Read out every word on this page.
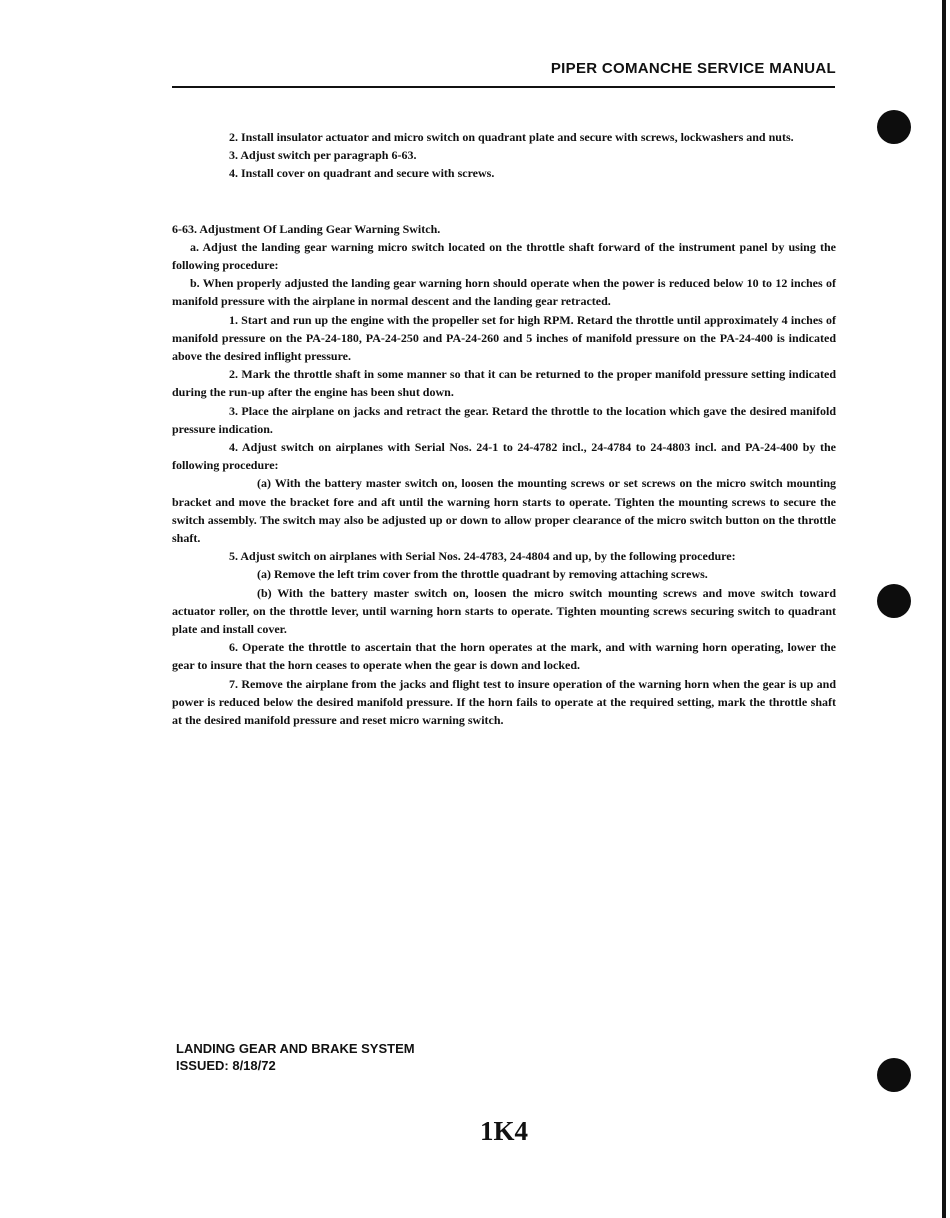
PIPER COMANCHE SERVICE MANUAL

2. Install insulator actuator and micro switch on quadrant plate and secure with screws, lockwashers and nuts.

3. Adjust switch per paragraph 6-63.

4. Install cover on quadrant and secure with screws.

6-63. Adjustment Of Landing Gear Warning Switch.

a. Adjust the landing gear warning micro switch located on the throttle shaft forward of the instrument panel by using the following procedure:

b. When properly adjusted the landing gear warning horn should operate when the power is reduced below 10 to 12 inches of manifold pressure with the airplane in normal descent and the landing gear retracted.

1. Start and run up the engine with the propeller set for high RPM. Retard the throttle until approximately 4 inches of manifold pressure on the PA-24-180, PA-24-250 and PA-24-260 and 5 inches of manifold pressure on the PA-24-400 is indicated above the desired inflight pressure.

2. Mark the throttle shaft in some manner so that it can be returned to the proper manifold pressure setting indicated during the run-up after the engine has been shut down.

3. Place the airplane on jacks and retract the gear. Retard the throttle to the location which gave the desired manifold pressure indication.

4. Adjust switch on airplanes with Serial Nos. 24-1 to 24-4782 incl., 24-4784 to 24-4803 incl. and PA-24-400 by the following procedure:

(a) With the battery master switch on, loosen the mounting screws or set screws on the micro switch mounting bracket and move the bracket fore and aft until the warning horn starts to operate. Tighten the mounting screws to secure the switch assembly. The switch may also be adjusted up or down to allow proper clearance of the micro switch button on the throttle shaft.

5. Adjust switch on airplanes with Serial Nos. 24-4783, 24-4804 and up, by the following procedure:

(a) Remove the left trim cover from the throttle quadrant by removing attaching screws.

(b) With the battery master switch on, loosen the micro switch mounting screws and move switch toward actuator roller, on the throttle lever, until warning horn starts to operate. Tighten mounting screws securing switch to quadrant plate and install cover.

6. Operate the throttle to ascertain that the horn operates at the mark, and with warning horn operating, lower the gear to insure that the horn ceases to operate when the gear is down and locked.

7. Remove the airplane from the jacks and flight test to insure operation of the warning horn when the gear is up and power is reduced below the desired manifold pressure. If the horn fails to operate at the required setting, mark the throttle shaft at the desired manifold pressure and reset micro warning switch.

LANDING GEAR AND BRAKE SYSTEM
ISSUED: 8/18/72
1K4
